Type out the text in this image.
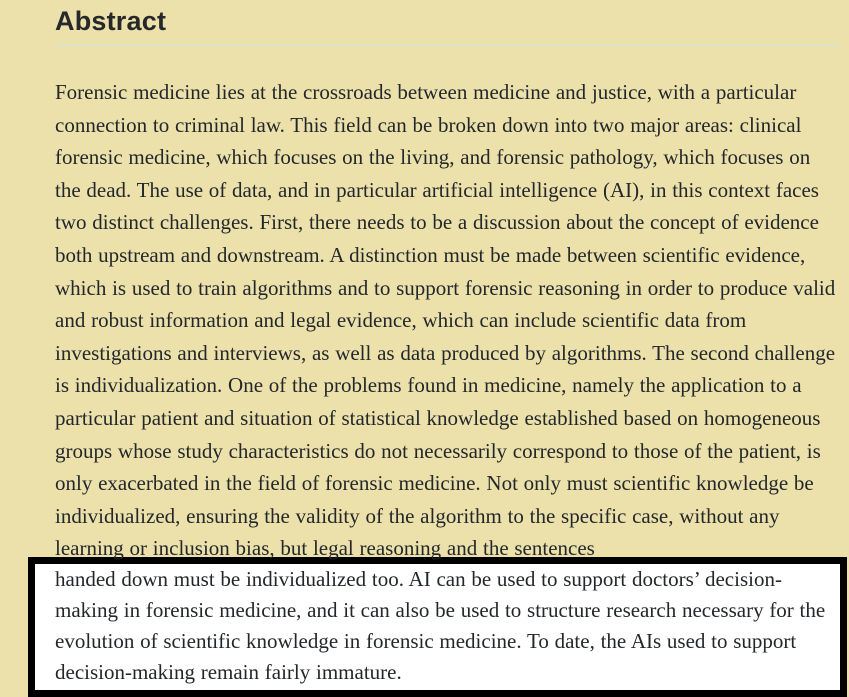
Abstract

Forensic medicine lies at the crossroads between medicine and justice, with a particular connection to criminal law. This field can be broken down into two major areas: clinical forensic medicine, which focuses on the living, and forensic pathology, which focuses on the dead. The use of data, and in particular artificial intelligence (AI), in this context faces two distinct challenges. First, there needs to be a discussion about the concept of evidence both upstream and downstream. A distinction must be made between scientific evidence, which is used to train algorithms and to support forensic reasoning in order to produce valid and robust information and legal evidence, which can include scientific data from investigations and interviews, as well as data produced by algorithms. The second challenge is individualization. One of the problems found in medicine, namely the application to a particular patient and situation of statistical knowledge established based on homogeneous groups whose study characteristics do not necessarily correspond to those of the patient, is only exacerbated in the field of forensic medicine. Not only must scientific knowledge be individualized, ensuring the validity of the algorithm to the specific case, without any learning or inclusion bias, but legal reasoning and the sentences

handed down must be individualized too. AI can be used to support doctors’ decision-making in forensic medicine, and it can also be used to structure research necessary for the evolution of scientific knowledge in forensic medicine. To date, the AIs used to support decision-making remain fairly immature.
